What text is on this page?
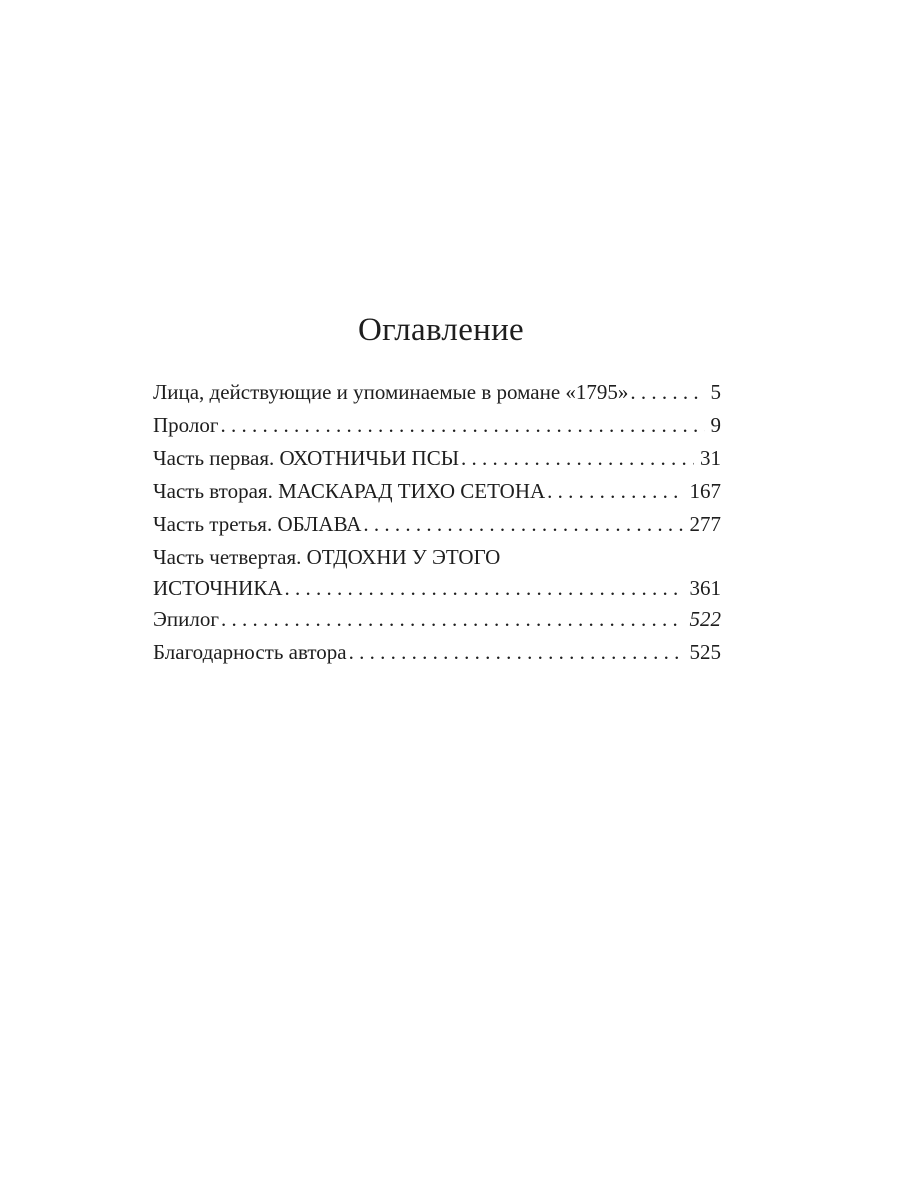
Оглавление
Лица, действующие и упоминаемые в романе «1795» . . .	5
Пролог . . .	9
Часть первая. ОХОТНИЧЬИ ПСЫ . . .	31
Часть вторая. МАСКАРАД ТИХО СЕТОНА . . .	167
Часть третья. ОБЛАВА . . .	277
Часть четвертая. ОТДОХНИ У ЭТОГО
ИСТОЧНИКА . . .	361
Эпилог . . .	522
Благодарность автора . . .	525
